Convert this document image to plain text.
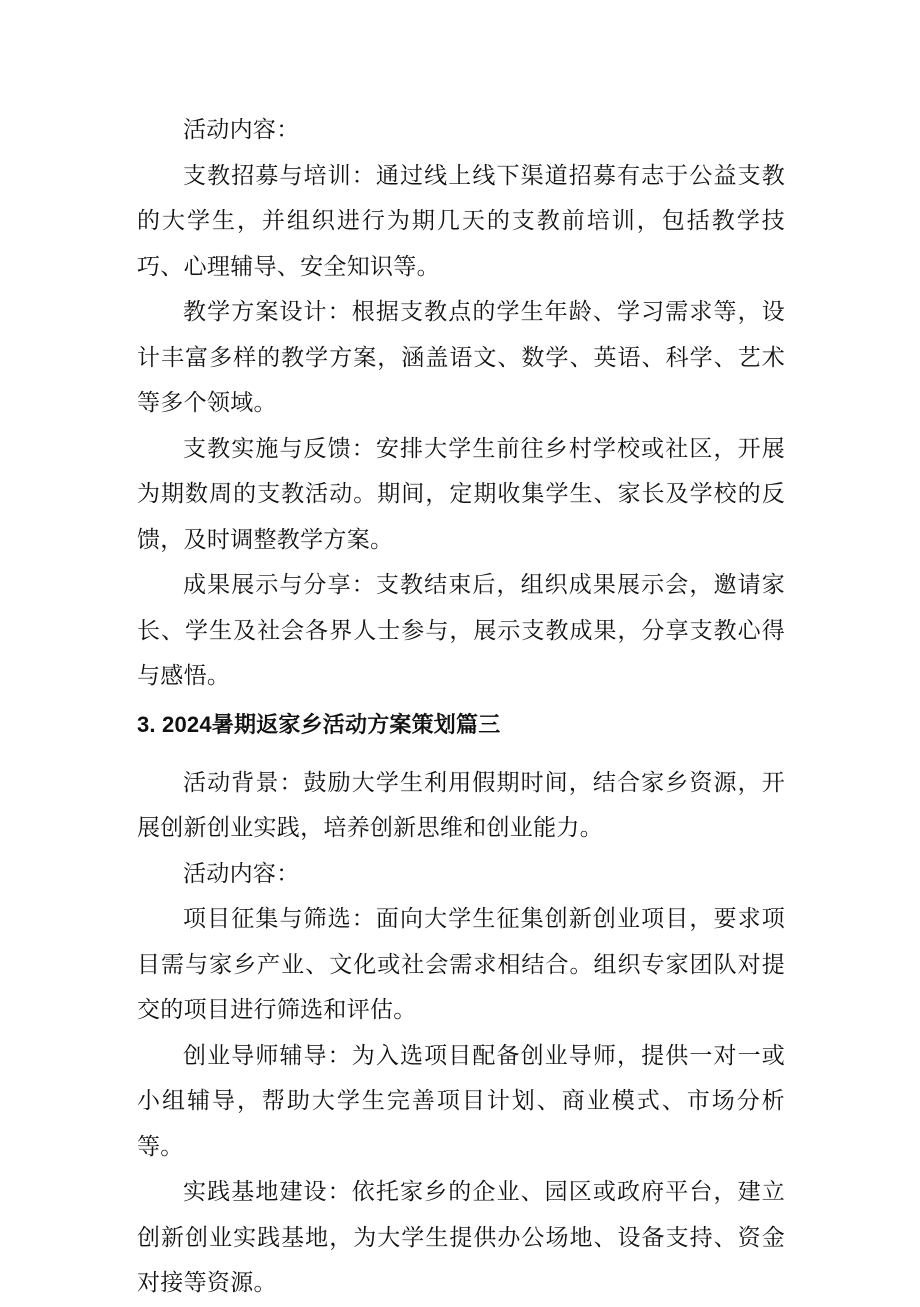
活动内容：

支教招募与培训：通过线上线下渠道招募有志于公益支教的大学生，并组织进行为期几天的支教前培训，包括教学技巧、心理辅导、安全知识等。

教学方案设计：根据支教点的学生年龄、学习需求等，设计丰富多样的教学方案，涵盖语文、数学、英语、科学、艺术等多个领域。

支教实施与反馈：安排大学生前往乡村学校或社区，开展为期数周的支教活动。期间，定期收集学生、家长及学校的反馈，及时调整教学方案。

成果展示与分享：支教结束后，组织成果展示会，邀请家长、学生及社会各界人士参与，展示支教成果，分享支教心得与感悟。

3. 2024暑期返家乡活动方案策划篇三

活动背景：鼓励大学生利用假期时间，结合家乡资源，开展创新创业实践，培养创新思维和创业能力。

活动内容：

项目征集与筛选：面向大学生征集创新创业项目，要求项目需与家乡产业、文化或社会需求相结合。组织专家团队对提交的项目进行筛选和评估。

创业导师辅导：为入选项目配备创业导师，提供一对一或小组辅导，帮助大学生完善项目计划、商业模式、市场分析等。

实践基地建设：依托家乡的企业、园区或政府平台，建立创新创业实践基地，为大学生提供办公场地、设备支持、资金对接等资源。
